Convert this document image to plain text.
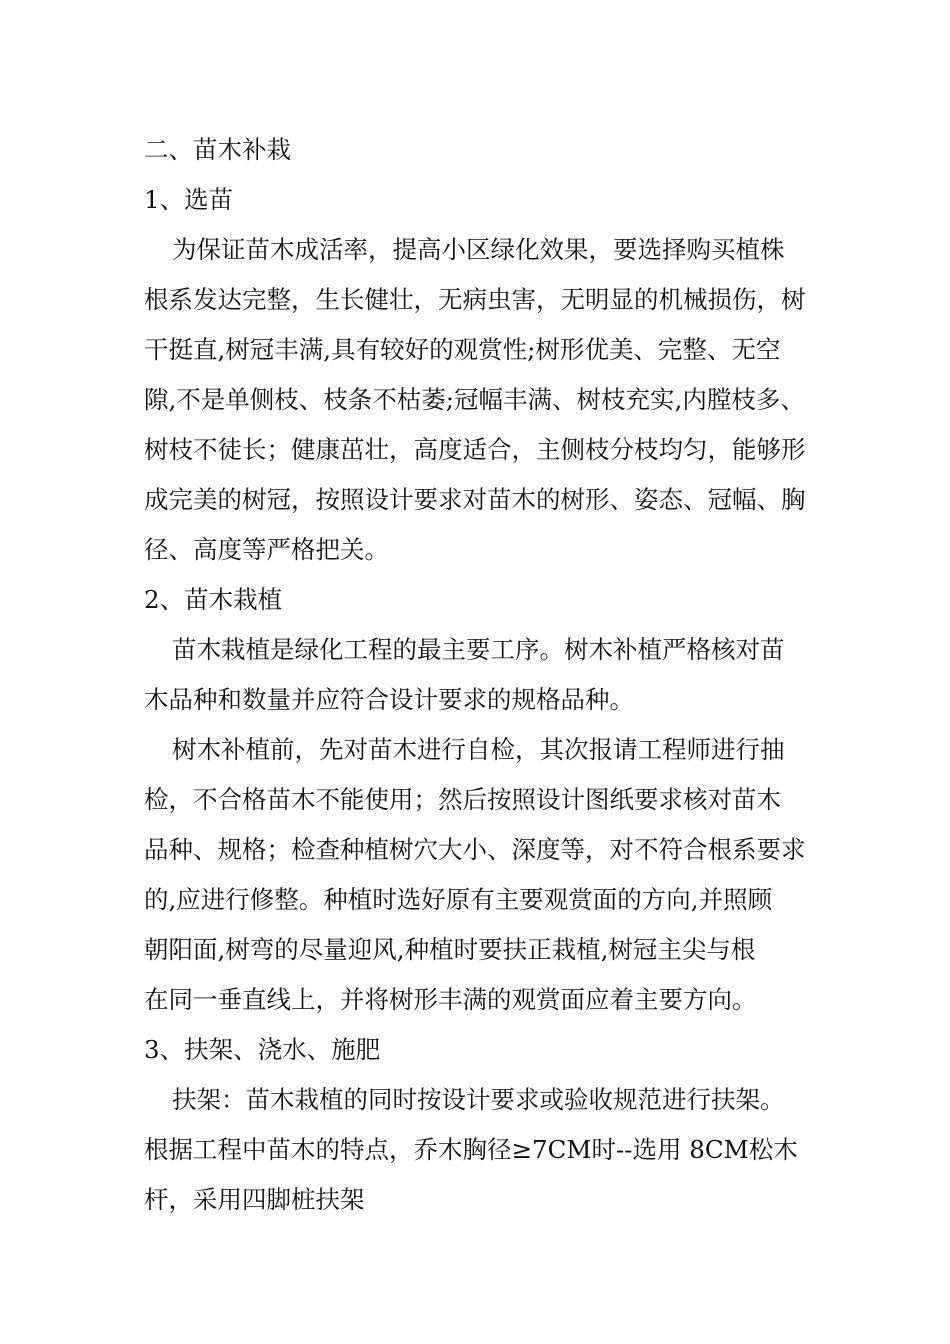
二、苗木补栽
1、选苗
为保证苗木成活率，提高小区绿化效果，要选择购买植株
根系发达完整，生长健壮，无病虫害，无明显的机械损伤，树
干挺直,树冠丰满,具有较好的观赏性;树形优美、完整、无空
隙,不是单侧枝、枝条不枯萎;冠幅丰满、树枝充实,内膛枝多、
树枝不徒长；健康茁壮，高度适合，主侧枝分枝均匀，能够形
成完美的树冠，按照设计要求对苗木的树形、姿态、冠幅、胸
径、高度等严格把关。
2、苗木栽植
苗木栽植是绿化工程的最主要工序。树木补植严格核对苗
木品种和数量并应符合设计要求的规格品种。
树木补植前，先对苗木进行自检，其次报请工程师进行抽
检，不合格苗木不能使用；然后按照设计图纸要求核对苗木
品种、规格；检查种植树穴大小、深度等，对不符合根系要求
的,应进行修整。种植时选好原有主要观赏面的方向,并照顾
朝阳面,树弯的尽量迎风,种植时要扶正栽植,树冠主尖与根
在同一垂直线上，并将树形丰满的观赏面应着主要方向。
3、扶架、浇水、施肥
扶架：苗木栽植的同时按设计要求或验收规范进行扶架。
根据工程中苗木的特点，乔木胸径≥7CM时--选用 8CM松木
杆，采用四脚桩扶架
